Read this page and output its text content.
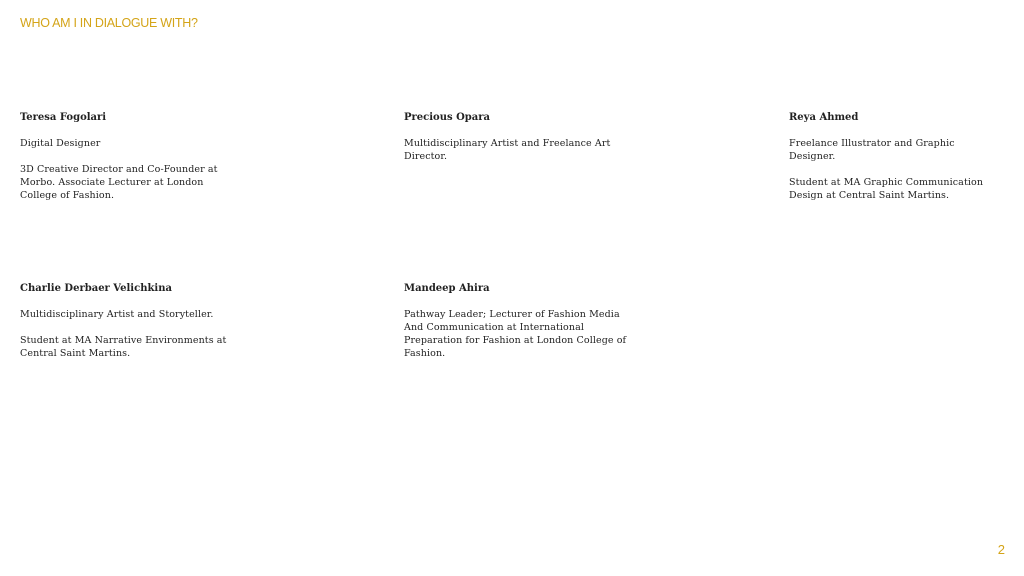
WHO AM I IN DIALOGUE WITH?

Teresa Fogolari

Digital Designer

3D Creative Director and Co-Founder at Morbo. Associate Lecturer at London College of Fashion.

Precious Opara

Multidisciplinary Artist and Freelance Art Director.

Reya Ahmed

Freelance Illustrator and Graphic Designer.

Student at MA Graphic Communication Design at Central Saint Martins.

Charlie Derbaer Velichkina

Multidisciplinary Artist and Storyteller.

Student at MA Narrative Environments at Central Saint Martins.

Mandeep Ahira

Pathway Leader; Lecturer of Fashion Media And Communication at International Preparation for Fashion at London College of Fashion.

2
